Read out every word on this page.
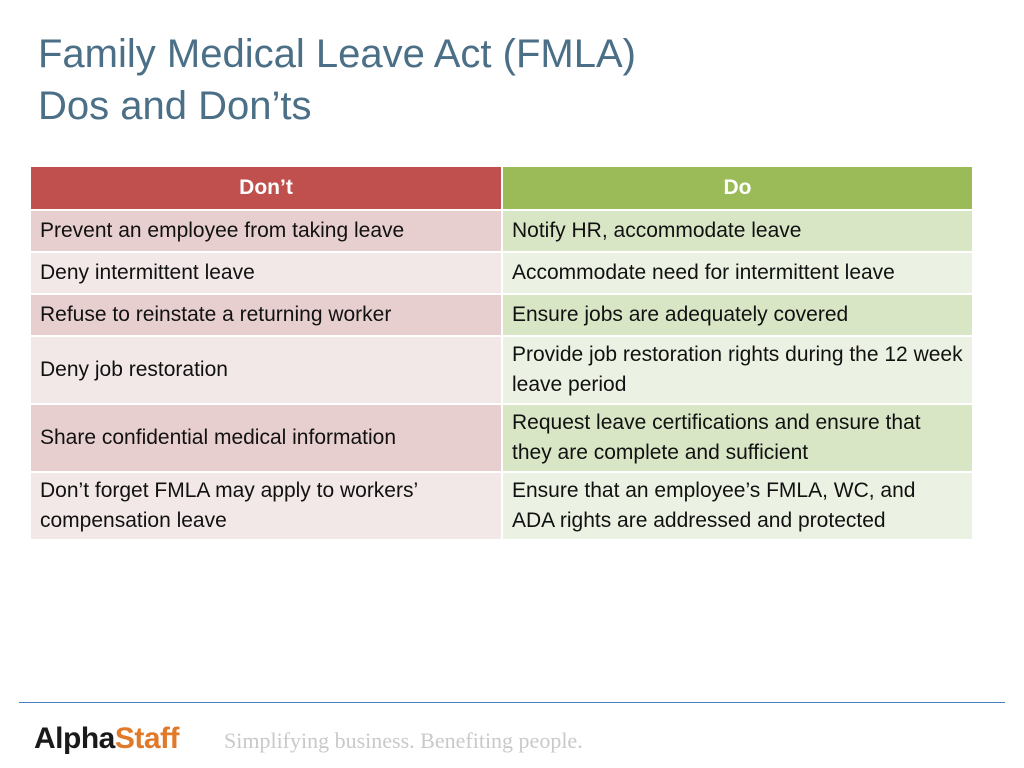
Family Medical Leave Act (FMLA)
Dos and Don’ts
Don’t	Do
Prevent an employee from taking leave	Notify HR, accommodate leave
Deny intermittent leave	Accommodate need for intermittent leave
Refuse to reinstate a returning worker	Ensure jobs are adequately covered
Deny job restoration	Provide job restoration rights during the 12 week leave period
Share confidential medical information	Request leave certifications and ensure that they are complete and sufficient
Don’t forget FMLA may apply to workers’ compensation leave	Ensure that an employee’s FMLA, WC, and ADA rights are addressed and protected
Alpha Staff Simplifying business. Benefiting people.
